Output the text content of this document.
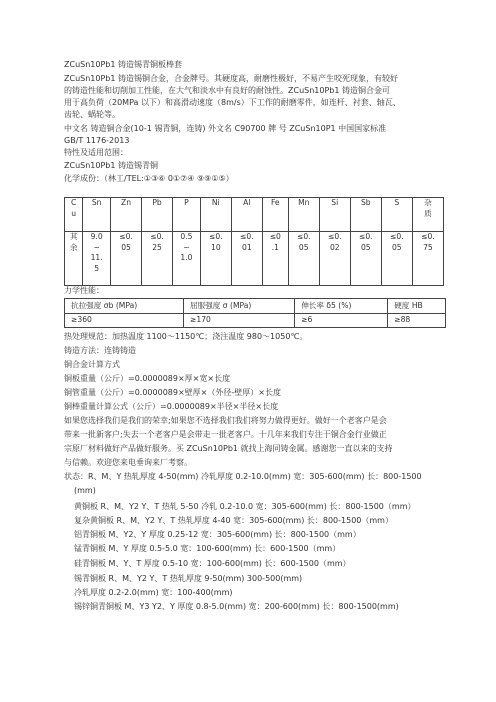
ZCuSn10Pb1 铸造锡青铜板棒套
ZCuSn10Pb1 铸造锡铜合金，合金牌号。其硬度高，耐磨性极好，不易产生咬死现象，有较好
的铸造性能和切削加工性能，在大气和淡水中有良好的耐蚀性。ZCuSn10Pb1 铸造铜合金可
用于高负荷（20MPa 以下）和高滑动速度（8m/s）下工作的耐磨零件，如连杆、衬套、轴瓦、
齿轮、蜗轮等。
中文名 铸造铜合金(10-1 锡青铜，连铸) 外文名 C90700 牌 号 ZCuSn10P1 中国国家标准
GB/T 1176-2013
特性及适用范围：
ZCuSn10Pb1 铸造锡青铜
化学成份：（林工/TEL:①③⑥ 0①⑦④ ⑨⑨①⑤）
C
u	Sn	Zn	Pb	P	Ni	Al	Fe	Mn	Si	Sb	S	杂
质
其
余	9.0
~
11.
5	≤0.
05	≤0.
25	0.5
~
1.0	≤0.
10	≤0.
01	≤0
.1	≤0.
05	≤0.
02	≤0.
05	≤0.
05	≤0.
75
力学性能：
抗拉强度 σb (MPa)	屈服强度 σ (MPa)	伸长率 δ5 (%)	硬度 HB
≥360	≥170	≥6	≥88
热处理规范：加热温度 1100～1150℃；浇注温度 980～1050℃。
铸造方法：连铸铸造
铜合金计算方式
铜板重量（公斤）=0.0000089×厚×宽×长度
铜管重量（公斤）=0.0000089×壁厚×（外径-壁厚）×长度
铜棒重量计算公式（公斤）=0.0000089×半径×半径×长度
如果您选择我们是我们的荣幸;如果您不选择我们我们将努力做得更好。做好一个老客户是会
带来一批新客户;失去一个老客户是会带走一批老客户。十几年来我们专注于铜合金行业做正
宗原厂材料做好产品做好服务。买 ZCuSn10Pb1 就找上海同铸金属。感谢您一直以来的支持
与信赖。欢迎您来电垂询来厂考察。
状态：R、M、Y 热轧厚度 4-50(mm) 冷轧厚度 0.2-10.0(mm) 宽：305-600(mm) 长：800-1500
(mm)
黄铜板 R、M、Y2 Y、T 热轧 5-50 冷轧 0.2-10.0 宽：305-600(mm) 长：800-1500（mm）
复杂黄铜板 R、M、Y2 Y、T 热轧厚度 4-40 宽：305-600(mm) 长：800-1500（mm）
铝青铜板 M、Y2、Y 厚度 0.25-12 宽：305-600(mm) 长：800-1500（mm）
锰青铜板 M、Y 厚度 0.5-5.0 宽：100-600(mm) 长：600-1500（mm）
硅青铜板 M、Y、T 厚度 0.5-10 宽：100-600(mm) 长：600-1500（mm）
锡青铜板 R、M、Y2 Y、T 热轧厚度 9-50(mm) 300-500(mm)
冷轧厚度 0.2-2.0(mm) 宽：100-400(mm)
锡锌铜青铜板 M、Y3 Y2、Y 厚度 0.8-5.0(mm) 宽：200-600(mm) 长：800-1500(mm)
